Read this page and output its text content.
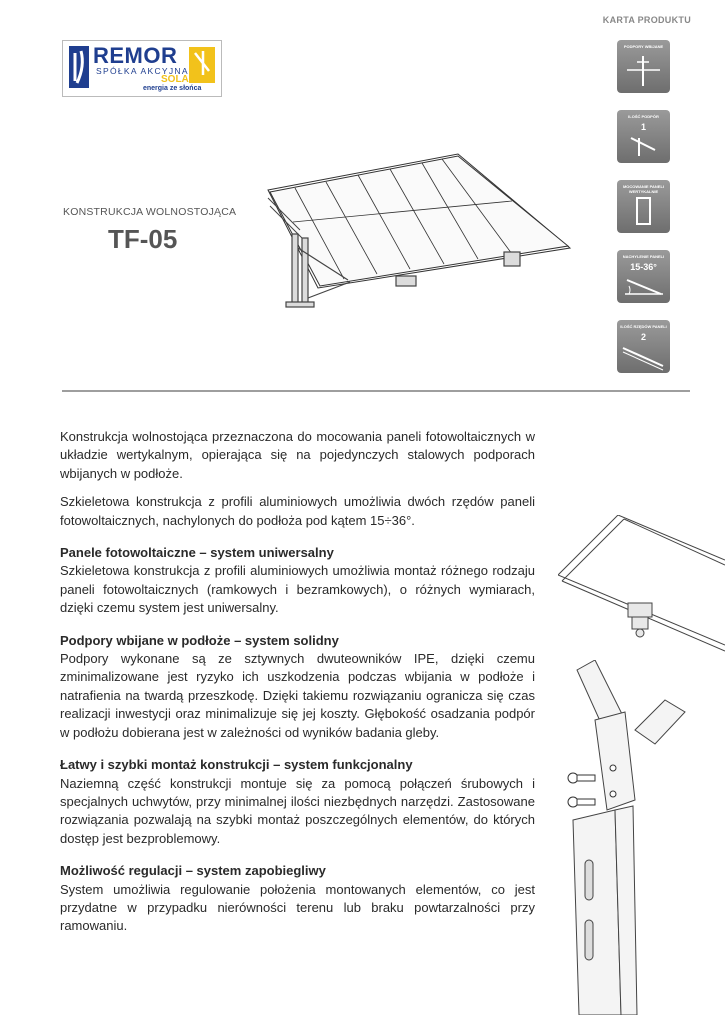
KARTA PRODUKTU
REMOR
SPÓŁKA AKCYJNA
SOLAR
energia ze słońca
KONSTRUKCJA WOLNOSTOJĄCA
TF-05
PODPORY WBIJANE
ILOŚĆ PODPÓR
1
MOCOWANIE PANELI WERTYKALNIE
NACHYLENIE PANELI
15-36°
ILOŚĆ RZĘDÓW PANELI
2

Konstrukcja wolnostojąca przeznaczona do mocowania paneli fotowoltaicznych w układzie wertykalnym, opierająca się na pojedynczych stalowych podporach wbijanych w podłoże.

Szkieletowa konstrukcja z profili aluminiowych umożliwia dwóch rzędów paneli fotowoltaicznych, nachylonych do podłoża pod kątem 15÷36°.

Panele fotowoltaiczne – system uniwersalny

Szkieletowa konstrukcja z profili aluminiowych umożliwia montaż różnego rodzaju paneli fotowoltaicznych (ramkowych i bezramkowych), o różnych wymiarach, dzięki czemu system jest uniwersalny.

Podpory wbijane w podłoże – system solidny

Podpory wykonane są ze sztywnych dwuteowników IPE, dzięki czemu zminimalizowane jest ryzyko ich uszkodzenia podczas wbijania w podłoże i natrafienia na twardą przeszkodę. Dzięki takiemu rozwiązaniu ogranicza się czas realizacji inwestycji oraz minimalizuje się jej koszty. Głębokość osadzania podpór w podłożu dobierana jest w zależności od wyników badania gleby.

Łatwy i szybki montaż konstrukcji – system funkcjonalny

Naziemną część konstrukcji montuje się za pomocą połączeń śrubowych i specjalnych uchwytów, przy minimalnej ilości niezbędnych narzędzi. Zastosowane rozwiązania pozwalają na szybki montaż poszczególnych elementów, do których dostęp jest bezproblemowy.

Możliwość regulacji – system zapobiegliwy

System umożliwia regulowanie położenia montowanych elementów, co jest przydatne w przypadku nierówności terenu lub braku powtarzalności przy ramowaniu.
